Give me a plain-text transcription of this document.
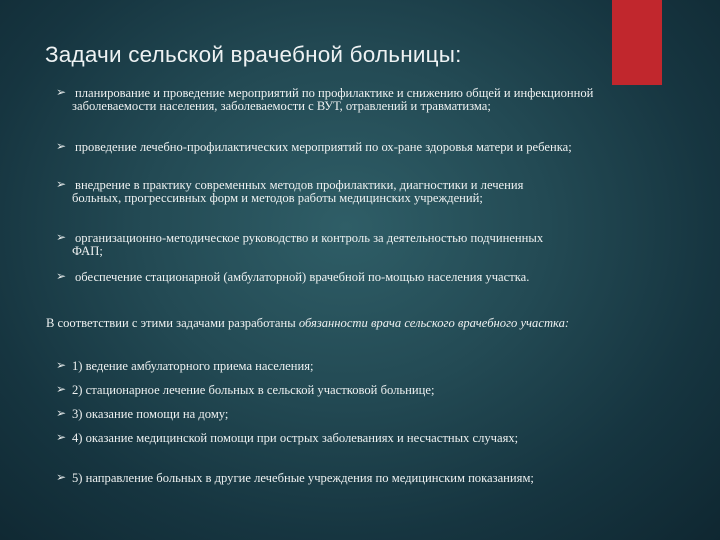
Задачи сельской врачебной больницы:
➢ планирование и проведение мероприятий по профилактике и снижению общей и инфекционной заболеваемости населения, заболеваемости с ВУТ, отравлений и травматизма;
➢ проведение лечебно-профилактических мероприятий по ох-ране здоровья матери и ребенка;
➢ внедрение в практику современных методов профилактики, диагностики и лечения больных, прогрессивных форм и методов работы медицинских учреждений;
➢ организационно-методическое руководство и контроль за деятельностью подчиненных ФАП;
➢ обеспечение стационарной (амбулаторной) врачебной по-мощью населения участка.
В соответствии с этими задачами разработаны обязанности врача сельского врачебного участка:
➢ 1) ведение амбулаторного приема населения;
➢ 2) стационарное лечение больных в сельской участковой больнице;
➢ 3) оказание помощи на дому;
➢ 4) оказание медицинской помощи при острых заболеваниях и несчастных случаях;
➢ 5) направление больных в другие лечебные учреждения по медицинским показаниям;
